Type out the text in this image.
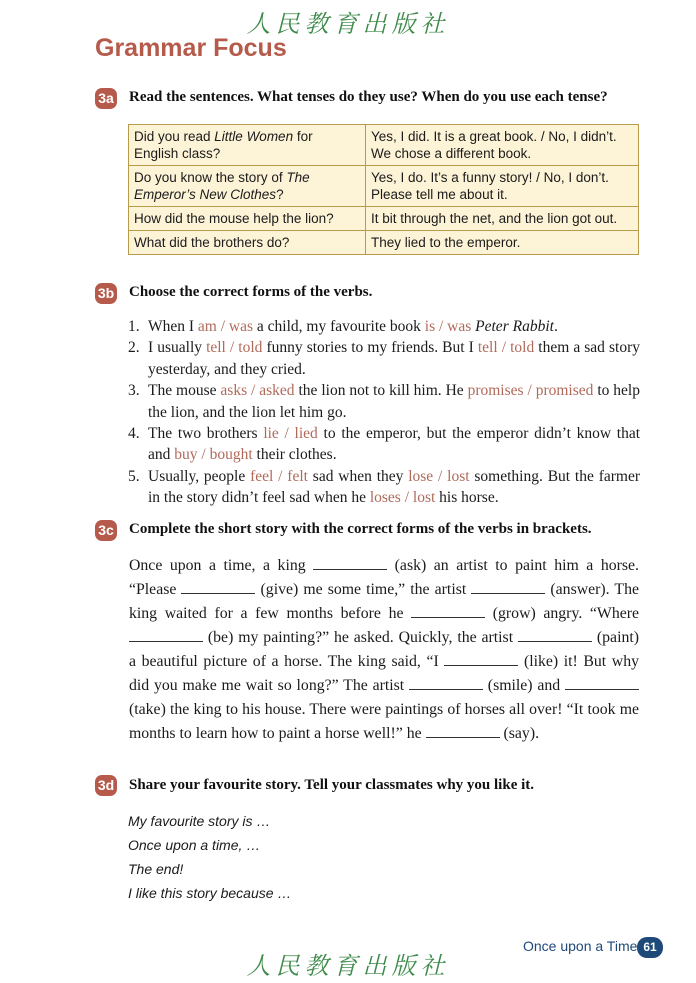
人民教育出版社
Grammar Focus
3a Read the sentences. What tenses do they use? When do you use each tense?
Did you read Little Women for English class?	Yes, I did. It is a great book. / No, I didn’t. We chose a different book.
Do you know the story of The Emperor’s New Clothes?	Yes, I do. It’s a funny story! / No, I don’t. Please tell me about it.
How did the mouse help the lion?	It bit through the net, and the lion got out.
What did the brothers do?	They lied to the emperor.
3b Choose the correct forms of the verbs.
1. When I am / was a child, my favourite book is / was Peter Rabbit.
2. I usually tell / told funny stories to my friends. But I tell / told them a sad story yesterday, and they cried.
3. The mouse asks / asked the lion not to kill him. He promises / promised to help the lion, and the lion let him go.
4. The two brothers lie / lied to the emperor, but the emperor didn’t know that and buy / bought their clothes.
5. Usually, people feel / felt sad when they lose / lost something. But the farmer in the story didn’t feel sad when he loses / lost his horse.
3c Complete the short story with the correct forms of the verbs in brackets.
Once upon a time, a king	(ask) an artist to paint him a horse. “Please	(give) me some time,” the artist	(answer). The king waited for a few months before he	(grow) angry. “Where  (be) my painting?” he asked. Quickly, the artist	(paint) a beautiful picture of a horse. The king said, “I	(like) it! But why did you make me wait so long?” The artist	(smile) and  (take) the king to his house. There were paintings of horses all over! “It took me months to learn how to paint a horse well!” he	(say).
3d Share your favourite story. Tell your classmates why you like it.
My favourite story is …
Once upon a time, …
The end!
I like this story because …
Once upon a Time 61
人民教育出版社
